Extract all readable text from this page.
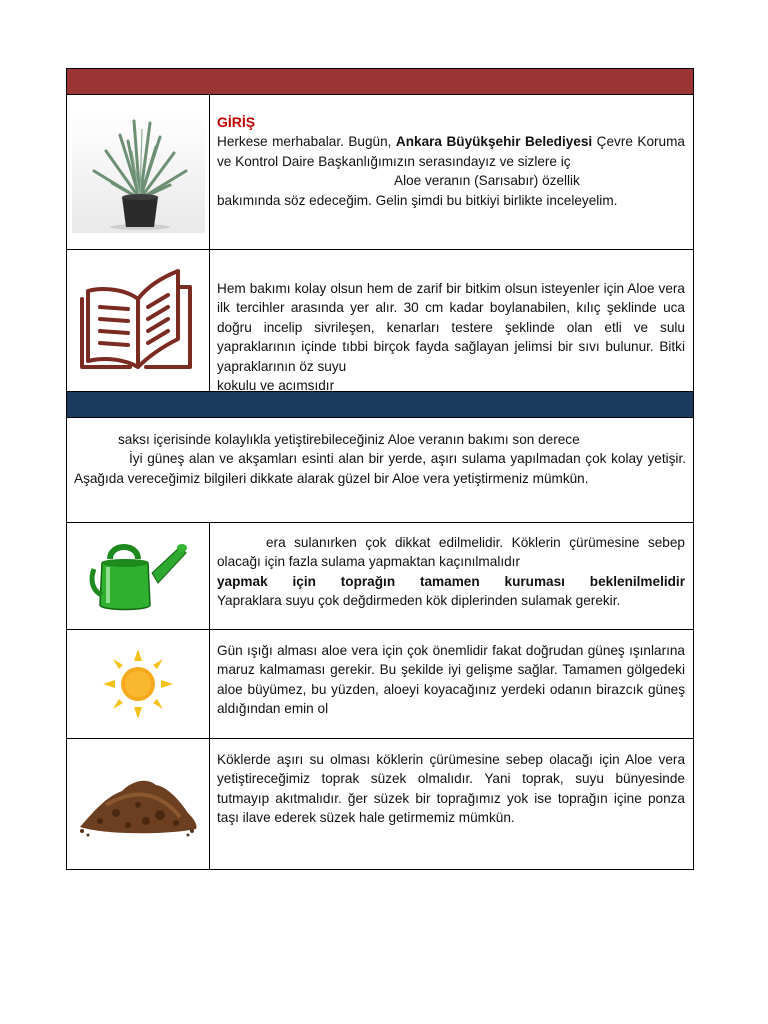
GİRİŞ
Herkese merhabalar. Bugün, Ankara Büyükşehir Belediyesi Çevre Koruma ve Kontrol Daire Başkanlığımızın serasındayız ve sizlere iç
Aloe veranın (Sarısabır) özellik
bakımında söz edeceğim. Gelin şimdi bu bitkiyi birlikte inceleyelim.
Hem bakımı kolay olsun hem de zarif bir bitkim olsun isteyenler için Aloe vera ilk tercihler arasında yer alır. 30 cm kadar boylanabilen, kılıç şeklinde uca doğru incelip sivrileşen, kenarları testere şeklinde olan etli ve sulu yapraklarının içinde tıbbi birçok fayda sağlayan jelimsi bir sıvı bulunur. Bitki yapraklarının öz suyu
kokulu ve acımsıdır
saksı içerisinde kolaylıkla yetiştirebileceğiniz Aloe veranın bakımı son derece
İyi güneş alan ve akşamları esinti alan bir yerde, aşırı sulama yapılmadan çok kolay yetişir. Aşağıda vereceğimiz bilgileri dikkate alarak güzel bir Aloe vera yetiştirmeniz mümkün.
era sulanırken çok dikkat edilmelidir. Köklerin çürümesine sebep olacağı için fazla sulama yapmaktan kaçınılmalıdır
yapmak için toprağın tamamen kuruması beklenilmelidir
Yapraklara suyu çok değdirmeden kök diplerinden sulamak gerekir.
Gün ışığı alması aloe vera için çok önemlidir fakat doğrudan güneş ışınlarına maruz kalmaması gerekir. Bu şekilde iyi gelişme sağlar. Tamamen gölgedeki aloe büyümez, bu yüzden, aloeyi koyacağınız yerdeki odanın birazcık güneş aldığından emin ol
Köklerde aşırı su olması köklerin çürümesine sebep olacağı için Aloe vera yetiştireceğimiz toprak süzek olmalıdır. Yani toprak, suyu bünyesinde tutmayıp akıtmalıdır. ğer süzek bir toprağımız yok ise toprağın içine ponza taşı ilave ederek süzek hale getirmemiz mümkün.
